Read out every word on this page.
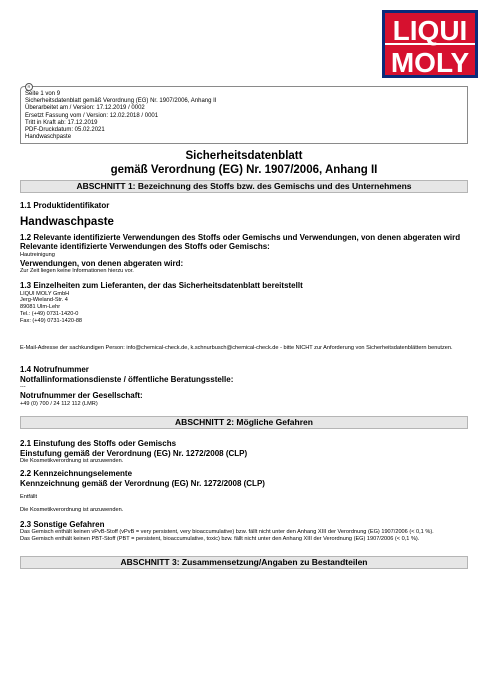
LIQUI
MOLY
R
Seite 1 von 9
Sicherheitsdatenblatt gemäß Verordnung (EG) Nr. 1907/2006, Anhang II
Überarbeitet am / Version: 17.12.2019 / 0002
Ersetzt Fassung vom / Version: 12.02.2018 / 0001
Tritt in Kraft ab: 17.12.2019
PDF-Druckdatum: 05.02.2021
Handwaschpaste
Sicherheitsdatenblatt
gemäß Verordnung (EG) Nr. 1907/2006, Anhang II
ABSCHNITT 1: Bezeichnung des Stoffs bzw. des Gemischs und des Unternehmens
1.1 Produktidentifikator
Handwaschpaste
1.2 Relevante identifizierte Verwendungen des Stoffs oder Gemischs und Verwendungen, von denen abgeraten wird
Relevante identifizierte Verwendungen des Stoffs oder Gemischs:
Hautreinigung
Verwendungen, von denen abgeraten wird:
Zur Zeit liegen keine Informationen hierzu vor.
1.3 Einzelheiten zum Lieferanten, der das Sicherheitsdatenblatt bereitstellt
LIQUI MOLY GmbH
Jerg-Wieland-Str. 4
89081 Ulm-Lehr
Tel.: (+49) 0731-1420-0
Fax: (+49) 0731-1420-88
E-Mail-Adresse der sachkundigen Person: info@chemical-check.de, k.schnurbusch@chemical-check.de - bitte NICHT zur Anforderung von Sicherheitsdatenblättern benutzen.
1.4 Notrufnummer
Notfallinformationsdienste / öffentliche Beratungsstelle:
---
Notrufnummer der Gesellschaft:
+49 (0) 700 / 24 112 112 (LMR)
ABSCHNITT 2: Mögliche Gefahren
2.1 Einstufung des Stoffs oder Gemischs
Einstufung gemäß der Verordnung (EG) Nr. 1272/2008 (CLP)
Die Kosmetikverordnung ist anzuwenden.
2.2 Kennzeichnungselemente
Kennzeichnung gemäß der Verordnung (EG) Nr. 1272/2008 (CLP)
Entfällt
Die Kosmetikverordnung ist anzuwenden.
2.3 Sonstige Gefahren
Das Gemisch enthält keinen vPvB-Stoff (vPvB = very persistent, very bioaccumulative) bzw. fällt nicht unter den Anhang XIII der Verordnung (EG) 1907/2006 (< 0,1 %).
Das Gemisch enthält keinen PBT-Stoff (PBT = persistent, bioaccumulative, toxic) bzw. fällt nicht unter den Anhang XIII der Verordnung (EG) 1907/2006 (< 0,1 %).
ABSCHNITT 3: Zusammensetzung/Angaben zu Bestandteilen
